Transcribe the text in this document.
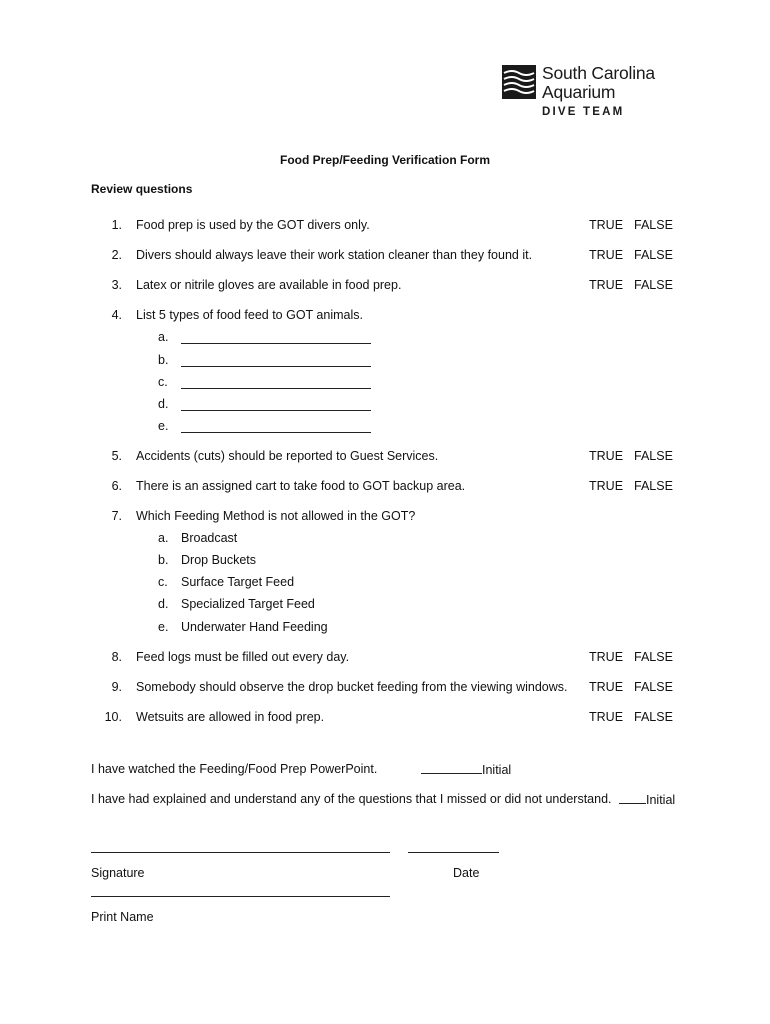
South Carolina
Aquarium
DIVE TEAM
Food Prep/Feeding Verification Form
Review questions
1. Food prep is used by the GOT divers only.	TRUE FALSE
2. Divers should always leave their work station cleaner than they found it.	TRUE FALSE
3. Latex or nitrile gloves are available in food prep.	TRUE FALSE
4. List 5 types of food feed to GOT animals.
a.
b.
c.
d.
e.
5. Accidents (cuts) should be reported to Guest Services.	TRUE FALSE
6. There is an assigned cart to take food to GOT backup area.	TRUE FALSE
7. Which Feeding Method is not allowed in the GOT?
a. Broadcast
b. Drop Buckets
c.	Surface Target Feed
d. Specialized Target Feed
e. Underwater Hand Feeding
8. Feed logs must be filled out every day.	TRUE FALSE
9. Somebody should observe the drop bucket feeding from the viewing windows. TRUE FALSE
10. Wetsuits are allowed in food prep.	TRUE FALSE
I have watched the Feeding/Food Prep PowerPoint.	Initial
I have had explained and understand any of the questions that I missed or did not understand.	Initial
Signature	Date
Print Name
